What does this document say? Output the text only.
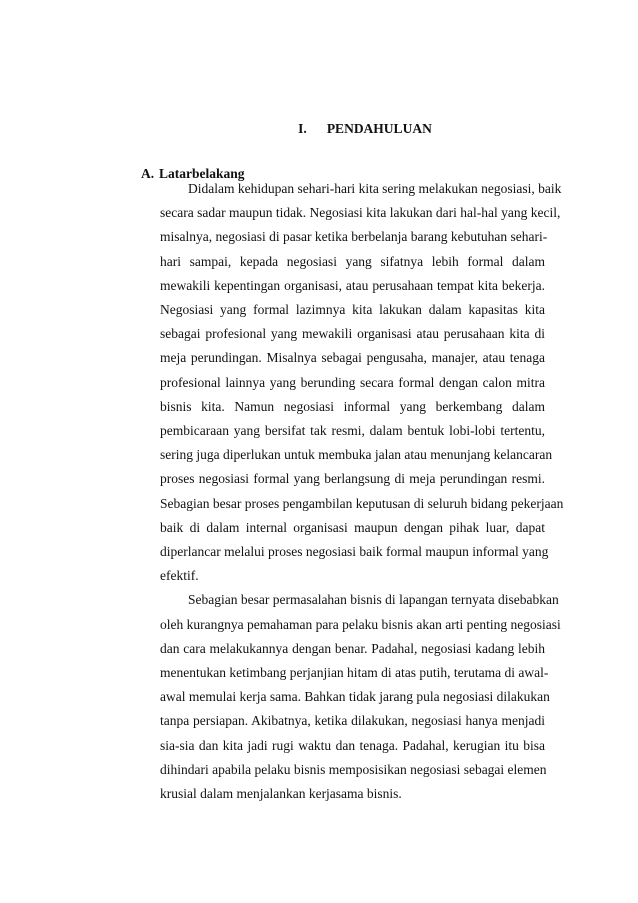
I. PENDAHULUAN
A. Latarbelakang
Didalam kehidupan sehari-hari kita sering melakukan negosiasi, baik
secara sadar maupun tidak. Negosiasi kita lakukan dari hal-hal yang kecil,
misalnya, negosiasi di pasar ketika berbelanja barang kebutuhan sehari-
hari sampai, kepada negosiasi yang sifatnya lebih formal dalam
mewakili kepentingan organisasi, atau perusahaan tempat kita bekerja.
Negosiasi yang formal lazimnya kita lakukan dalam kapasitas kita
sebagai profesional yang mewakili organisasi atau perusahaan kita di
meja perundingan. Misalnya sebagai pengusaha, manajer, atau tenaga
profesional lainnya yang berunding secara formal dengan calon mitra
bisnis kita. Namun negosiasi informal yang berkembang dalam
pembicaraan yang bersifat tak resmi, dalam bentuk lobi-lobi tertentu,
sering juga diperlukan untuk membuka jalan atau menunjang kelancaran
proses negosiasi formal yang berlangsung di meja perundingan resmi.
Sebagian besar proses pengambilan keputusan di seluruh bidang pekerjaan
baik di dalam internal organisasi maupun dengan pihak luar, dapat
diperlancar melalui proses negosiasi baik formal maupun informal yang
efektif.
Sebagian besar permasalahan bisnis di lapangan ternyata disebabkan
oleh kurangnya pemahaman para pelaku bisnis akan arti penting negosiasi
dan cara melakukannya dengan benar. Padahal, negosiasi kadang lebih
menentukan ketimbang perjanjian hitam di atas putih, terutama di awal-
awal memulai kerja sama. Bahkan tidak jarang pula negosiasi dilakukan
tanpa persiapan. Akibatnya, ketika dilakukan, negosiasi hanya menjadi
sia-sia dan kita jadi rugi waktu dan tenaga. Padahal, kerugian itu bisa
dihindari apabila pelaku bisnis memposisikan negosiasi sebagai elemen
krusial dalam menjalankan kerjasama bisnis.
